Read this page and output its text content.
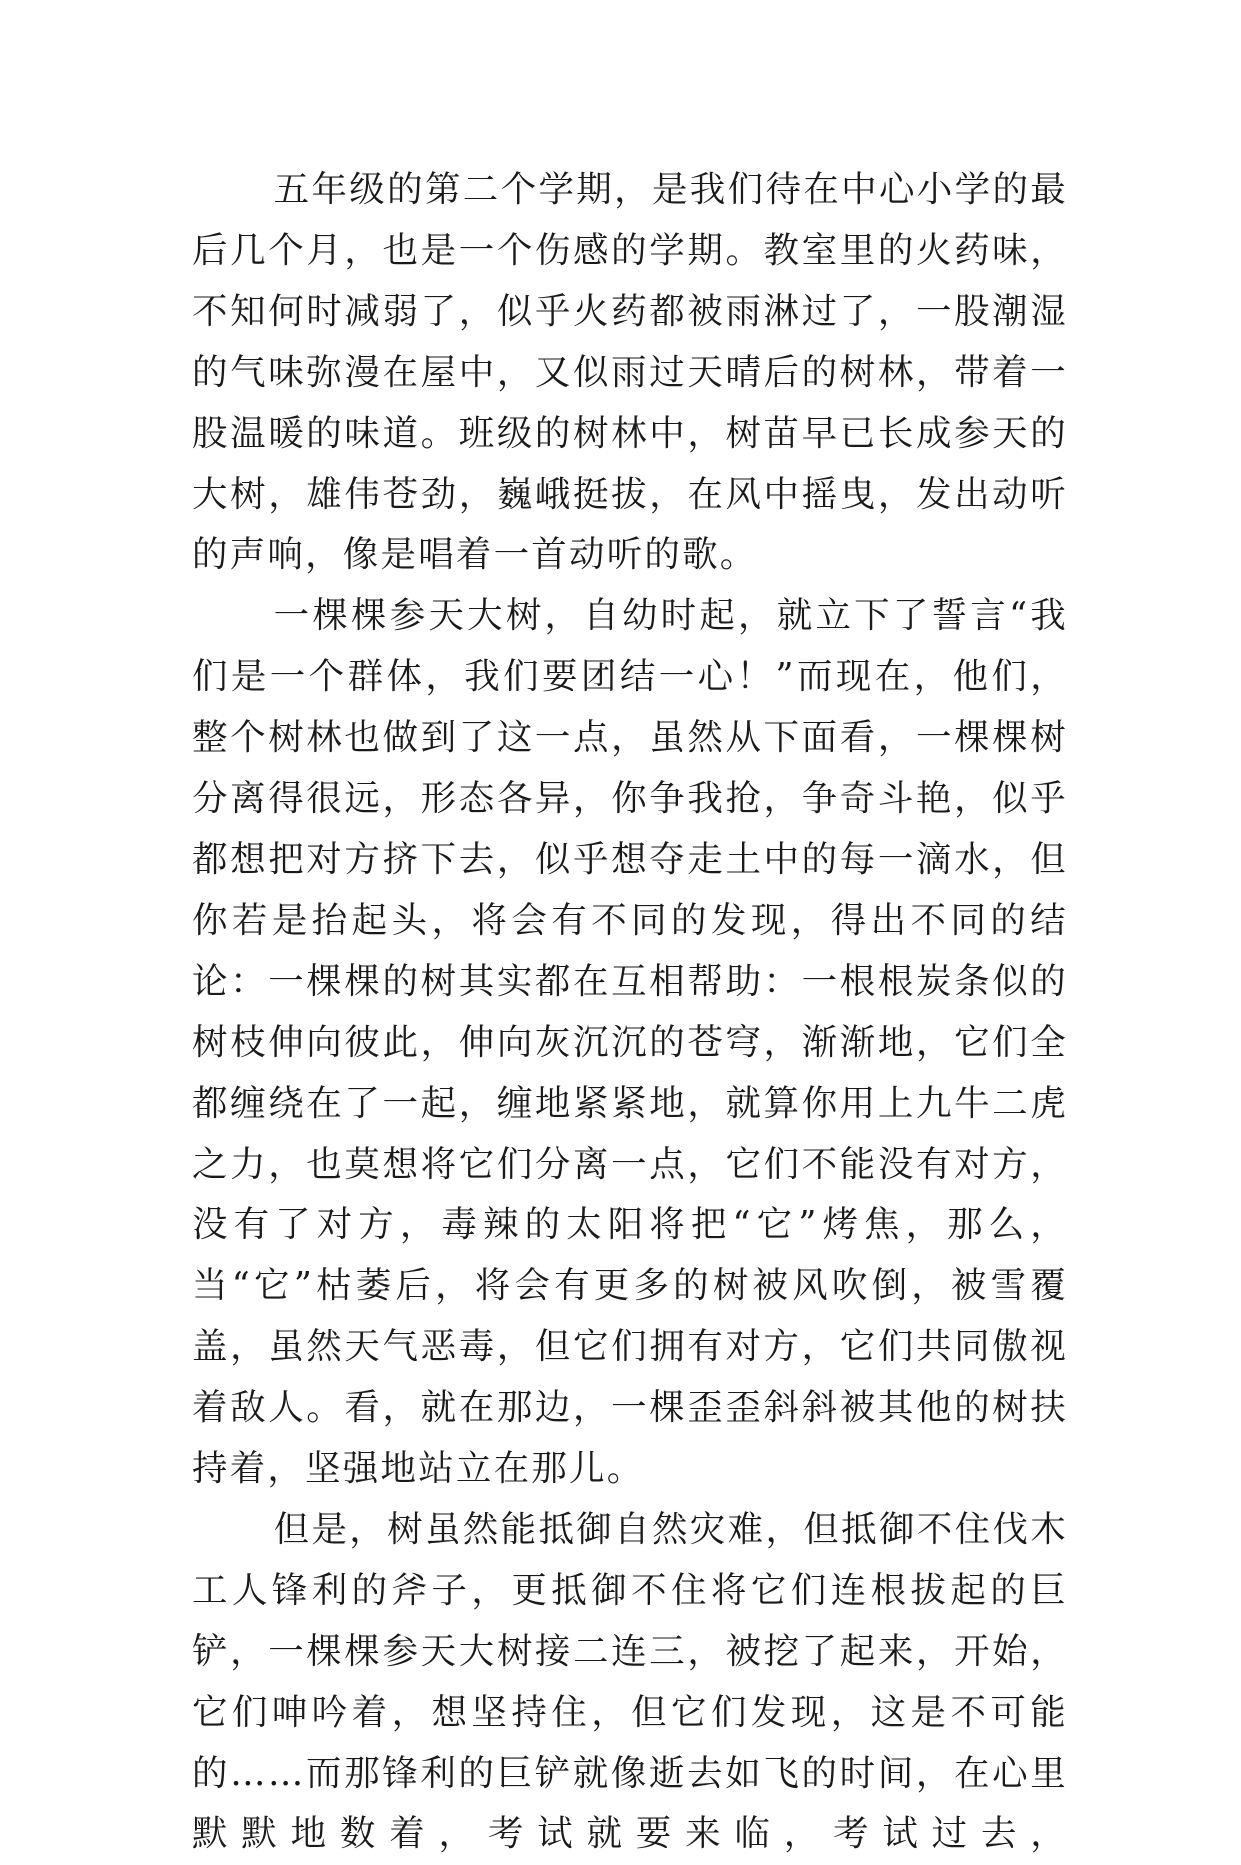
五年级的第二个学期，是我们待在中心小学的最后几个月，也是一个伤感的学期。教室里的火药味，不知何时减弱了，似乎火药都被雨淋过了，一股潮湿的气味弥漫在屋中，又似雨过天晴后的树林，带着一股温暖的味道。班级的树林中，树苗早已长成参天的大树，雄伟苍劲，巍峨挺拔，在风中摇曳，发出动听的声响，像是唱着一首动听的歌。

一棵棵参天大树，自幼时起，就立下了誓言“我们是一个群体，我们要团结一心！”而现在，他们，整个树林也做到了这一点，虽然从下面看，一棵棵树分离得很远，形态各异，你争我抢，争奇斗艳，似乎都想把对方挤下去，似乎想夺走土中的每一滴水，但你若是抬起头，将会有不同的发现，得出不同的结论：一棵棵的树其实都在互相帮助：一根根炭条似的树枝伸向彼此，伸向灰沉沉的苍穹，渐渐地，它们全都缠绕在了一起，缠地紧紧地，就算你用上九牛二虎之力，也莫想将它们分离一点，它们不能没有对方，没有了对方，毒辣的太阳将把“它”烤焦，那么，当“它”枯萎后，将会有更多的树被风吹倒，被雪覆盖，虽然天气恶毒，但它们拥有对方，它们共同傲视着敌人。看，就在那边，一棵歪歪斜斜被其他的树扶持着，坚强地站立在那儿。

但是，树虽然能抵御自然灾难，但抵御不住伐木工人锋利的斧子，更抵御不住将它们连根拔起的巨铲，一棵棵参天大树接二连三，被挖了起来，开始，它们呻吟着，想坚持住，但它们发现，这是不可能的……而那锋利的巨铲就像逝去如飞的时间，在心里默默地数着，考试就要来临，考试过去，
